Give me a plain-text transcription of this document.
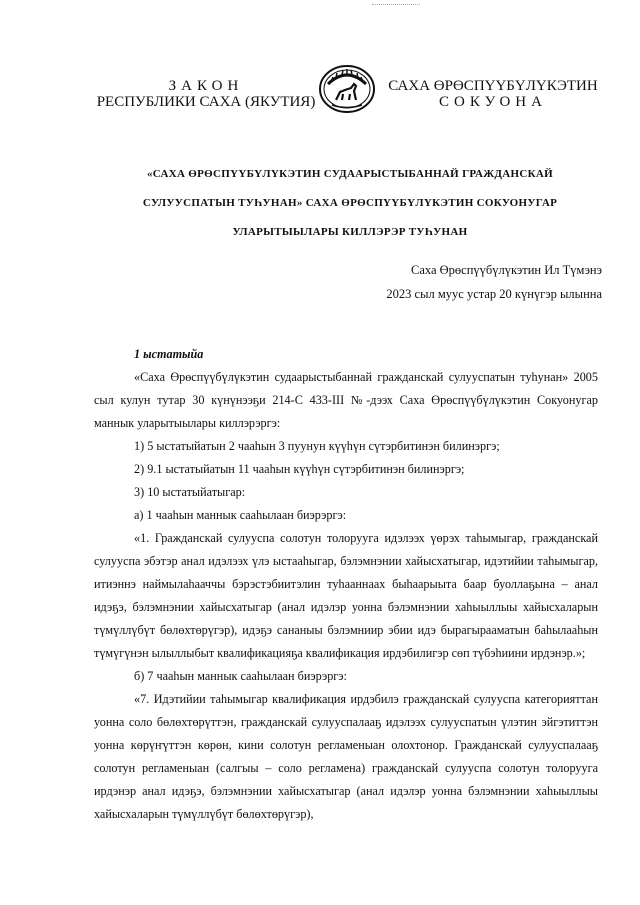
ЗАКОН
РЕСПУБЛИКИ САХА (ЯКУТИЯ)
САХА ӨРӨСПҮҮБҮЛҮКЭТИН
СОКУОНА
«САХА ӨРӨСПҮҮБҮЛҮКЭТИН СУДААРЫСТЫБАННАЙ ГРАЖДАНСКАЙ
СУЛУУСПАТЫН ТУҺУНАН» САХА ӨРӨСПҮҮБҮЛҮКЭТИН СОКУОНУГАР
УЛАРЫТЫЫЛАРЫ КИЛЛЭРЭР ТУҺУНАН
Саха Өрөспүүбүлүкэтин Ил Түмэнэ
2023 сыл муус устар 20 күнүгэр ылынна

1 ыстатыйа

«Саха Өрөспүүбүлүкэтин судаарыстыбаннай гражданскай сулууспатын туһунан» 2005 сыл кулун тутар 30 күнүнээҕи 214-С 433-III №-дээх Саха Өрөспүүбүлүкэтин Сокуонугар маннык уларытыылары киллэрэргэ:

1) 5 ыстатыйатын 2 чааһын 3 пуунун күүһүн сүтэрбитинэн билинэргэ;

2) 9.1 ыстатыйатын 11 чааһын күүһүн сүтэрбитинэн билинэргэ;

3) 10 ыстатыйатыгар:

а) 1 чааһын маннык сааһылаан биэрэргэ:

«1. Гражданскай сулууспа солотун толорууга идэлээх үөрэх таһымыгар, гражданскай сулууспа эбэтэр анал идэлээх үлэ ыстааһыгар, бэлэмнэнии хайысхатыгар, идэтийии таһымыгар, итиэннэ наймылаһааччы бэрэстэбиитэлин туһааннаах быһаарыыта баар буоллаҕына – анал идэҕэ, бэлэмнэнии хайысхатыгар (анал идэлэр уонна бэлэмнэнии хаһыыллыы хайысхаларын түмүллүбүт бөлөхтөрүгэр), идэҕэ сананыы бэлэмниир эбии идэ бырагырааматын баһылааһын түмүгүнэн ылыллыбыт квалификацияҕа квалификация ирдэбилигэр сөп түбэһиини ирдэнэр.»;

б) 7 чааһын маннык сааһылаан биэрэргэ:

«7. Идэтийии таһымыгар квалификация ирдэбилэ гражданскай сулууспа категорияттан уонна соло бөлөхтөрүттэн, гражданскай сулууспалааҕ идэлээх сулууспатын үлэтин эйгэтиттэн уонна көрүҥүттэн көрөн, кини солотун регламеныан олохтонор. Гражданскай сулууспалааҕ солотун регламеныан (салгыы – соло регламена) гражданскай сулууспа солотун толорууга ирдэнэр анал идэҕэ, бэлэмнэнии хайысхатыгар (анал идэлэр уонна бэлэмнэнии хаһыыллыы хайысхаларын түмүллүбүт бөлөхтөрүгэр),
